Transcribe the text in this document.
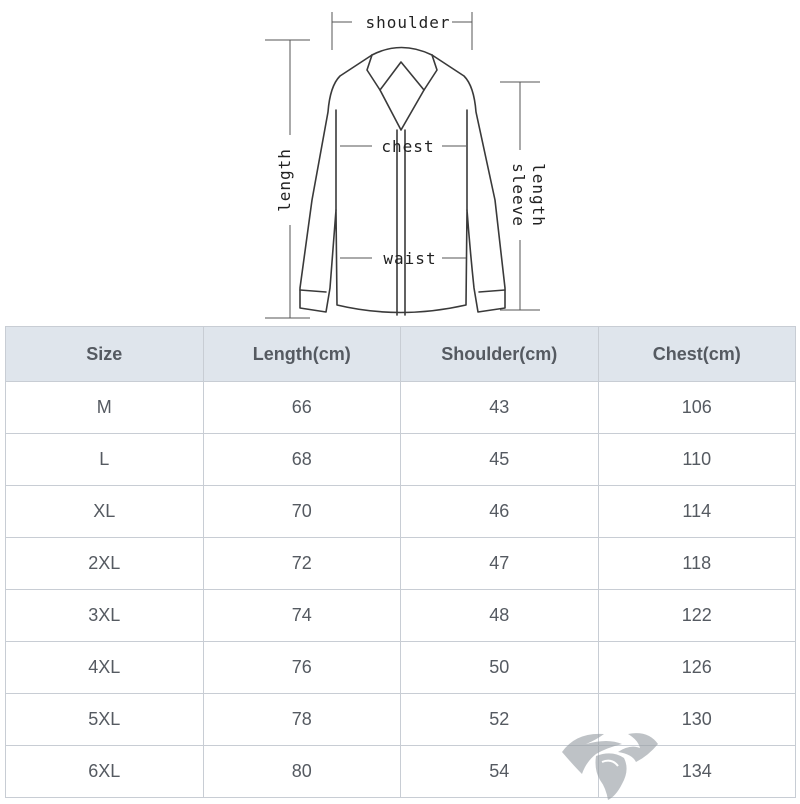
shoulder
chest
waist
length	sleeve length
Size	Length(cm)	Shoulder(cm)	Chest(cm)
M	66	43	106
L	68	45	110
XL	70	46	114
2XL	72	47	118
3XL	74	48	122
4XL	76	50	126
5XL	78	52	130
6XL	80	54	134
